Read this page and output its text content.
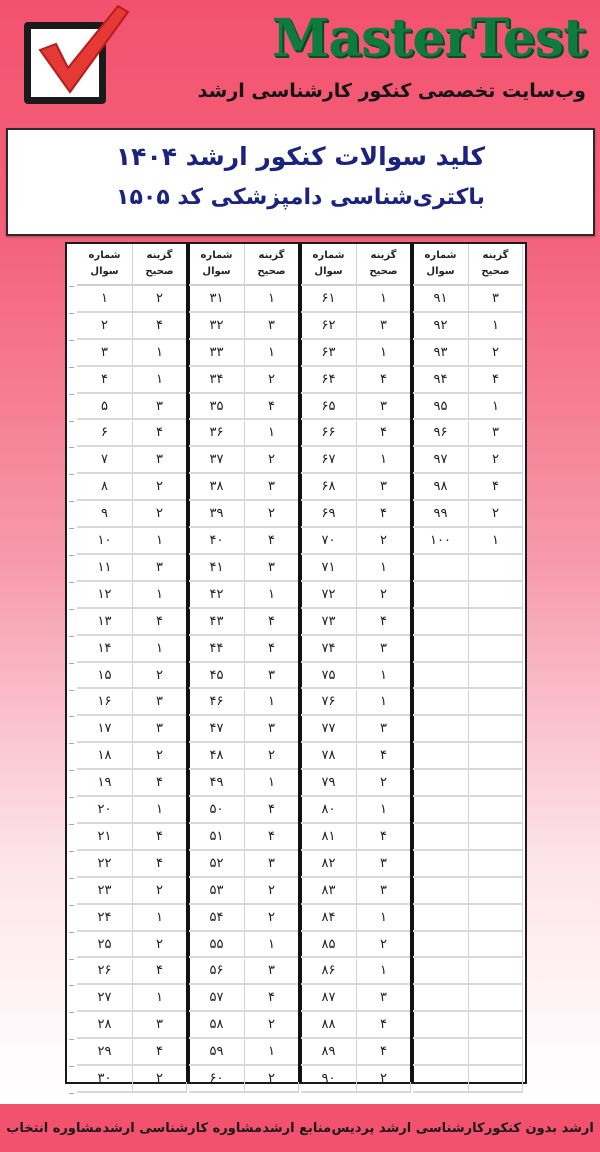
MasterTest
وب‌سایت تخصصی کنکور کارشناسی ارشد
کلید سوالات کنکور ارشد ۱۴۰۴
باکتری‌شناسی دامپزشکی کد ۱۵۰۵
شماره
سوال
گزینه
صحیح
۱	۲
۲	۴
۳	۱
۴	۱
۵	۳
۶	۴
۷	۳
۸	۲
۹	۲
۱۰	۱
۱۱	۳
۱۲	۱
۱۳	۴
۱۴	۱
۱۵	۲
۱۶	۳
۱۷	۳
۱۸	۲
۱۹	۴
۲۰	۱
۲۱	۴
۲۲	۴
۲۳	۲
۲۴	۱
۲۵	۲
۲۶	۴
۲۷	۱
۲۸	۳
۲۹	۴
۳۰	۲
شماره
سوال
گزینه
صحیح
۳۱	۱
۳۲	۳
۳۳	۱
۳۴	۲
۳۵	۴
۳۶	۱
۳۷	۲
۳۸	۳
۳۹	۲
۴۰	۴
۴۱	۳
۴۲	۱
۴۳	۴
۴۴	۴
۴۵	۳
۴۶	۱
۴۷	۳
۴۸	۲
۴۹	۱
۵۰	۴
۵۱	۴
۵۲	۳
۵۳	۲
۵۴	۲
۵۵	۱
۵۶	۳
۵۷	۴
۵۸	۲
۵۹	۱
۶۰	۲
شماره
سوال
گزینه
صحیح
۶۱	۱
۶۲	۳
۶۳	۱
۶۴	۴
۶۵	۳
۶۶	۴
۶۷	۱
۶۸	۳
۶۹	۴
۷۰	۲
۷۱	۱
۷۲	۲
۷۳	۴
۷۴	۳
۷۵	۱
۷۶	۱
۷۷	۳
۷۸	۴
۷۹	۲
۸۰	۱
۸۱	۴
۸۲	۳
۸۳	۳
۸۴	۱
۸۵	۲
۸۶	۱
۸۷	۳
۸۸	۴
۸۹	۴
۹۰	۲
شماره
سوال
گزینه
صحیح
۹۱	۳
۹۲	۱
۹۳	۲
۹۴	۴
۹۵	۱
۹۶	۳
۹۷	۲
۹۸	۴
۹۹	۲
۱۰۰	۱
ارشد بدون کنکور
کارشناسی ارشد پردیس
منابع ارشد
مشاوره کارشناسی ارشد
مشاوره انتخاب
